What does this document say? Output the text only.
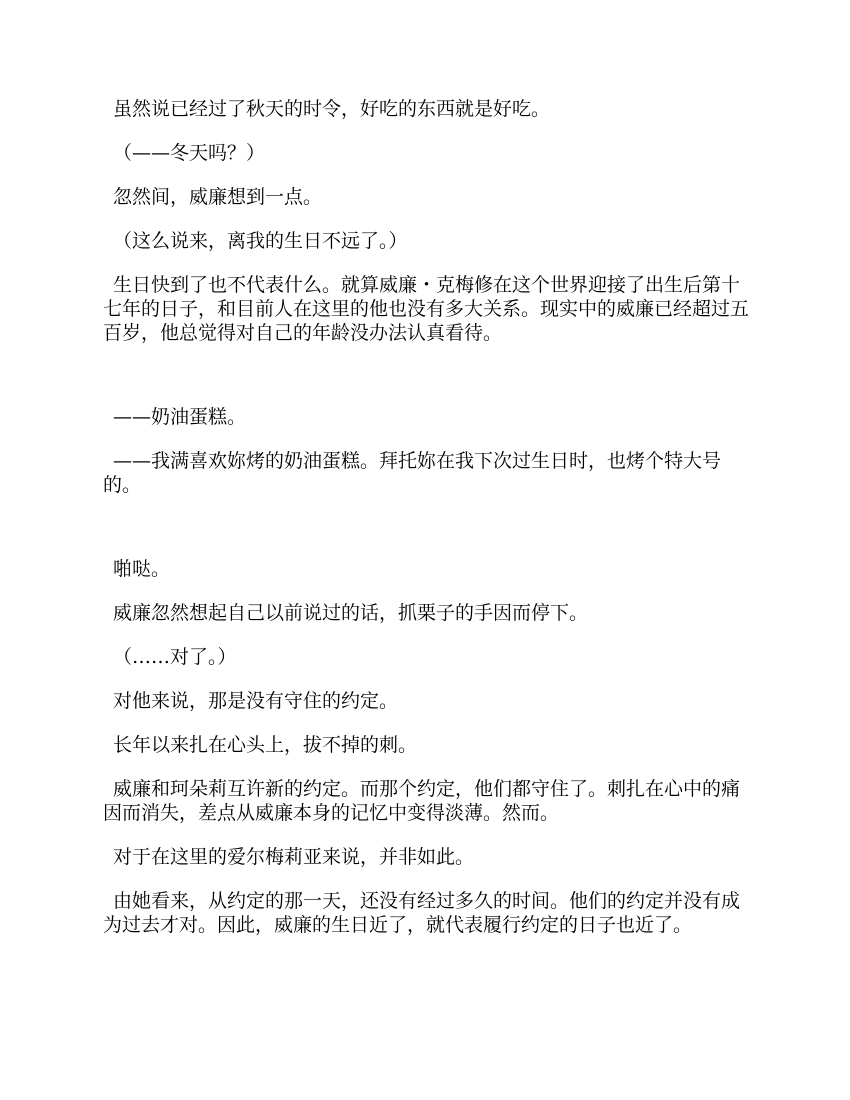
虽然说已经过了秋天的时令，好吃的东西就是好吃。

（——冬天吗？）

忽然间，威廉想到一点。

（这么说来，离我的生日不远了。）

生日快到了也不代表什么。就算威廉・克梅修在这个世界迎接了出生后第十七年的日子，和目前人在这里的他也没有多大关系。现实中的威廉已经超过五百岁，他总觉得对自己的年龄没办法认真看待。

——奶油蛋糕。

——我满喜欢妳烤的奶油蛋糕。拜托妳在我下次过生日时，也烤个特大号的。

啪哒。

威廉忽然想起自己以前说过的话，抓栗子的手因而停下。

（……对了。）

对他来说，那是没有守住的约定。

长年以来扎在心头上，拔不掉的刺。

威廉和珂朵莉互许新的约定。而那个约定，他们都守住了。刺扎在心中的痛因而消失，差点从威廉本身的记忆中变得淡薄。然而。

对于在这里的爱尔梅莉亚来说，并非如此。

由她看来，从约定的那一天，还没有经过多久的时间。他们的约定并没有成为过去才对。因此，威廉的生日近了，就代表履行约定的日子也近了。
